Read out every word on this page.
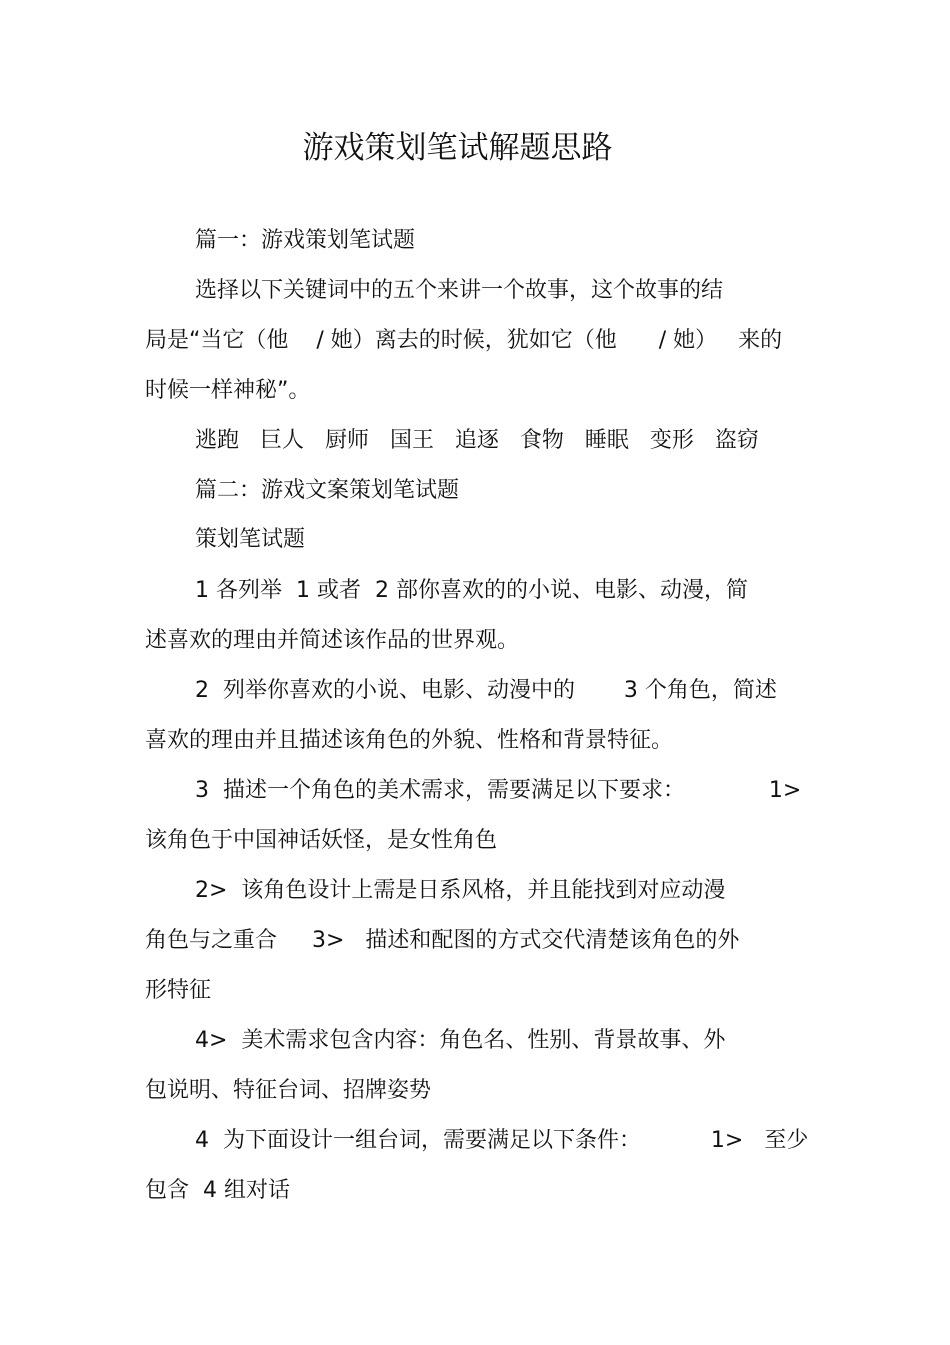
游戏策划笔试解题思路

篇一：游戏策划笔试题

选择以下关键词中的五个来讲一个故事，这个故事的结

局是“当它（他    / 她）离去的时候，犹如它（他      / 她）   来的

时候一样神秘”。

逃跑   巨人   厨师   国王   追逐   食物   睡眠   变形   盗窃

篇二：游戏文案策划笔试题

策划笔试题

1 各列举  1 或者  2 部你喜欢的的小说、电影、动漫，简

述喜欢的理由并简述该作品的世界观。

2  列举你喜欢的小说、电影、动漫中的       3 个角色，简述

喜欢的理由并且描述该角色的外貌、性格和背景特征。

3  描述一个角色的美术需求，需要满足以下要求：            1>

该角色于中国神话妖怪，是女性角色

2>  该角色设计上需是日系风格，并且能找到对应动漫

角色与之重合     3>   描述和配图的方式交代清楚该角色的外

形特征

4>  美术需求包含内容：角色名、性别、背景故事、外

包说明、特征台词、招牌姿势

4  为下面设计一组台词，需要满足以下条件：          1>   至少

包含  4 组对话
